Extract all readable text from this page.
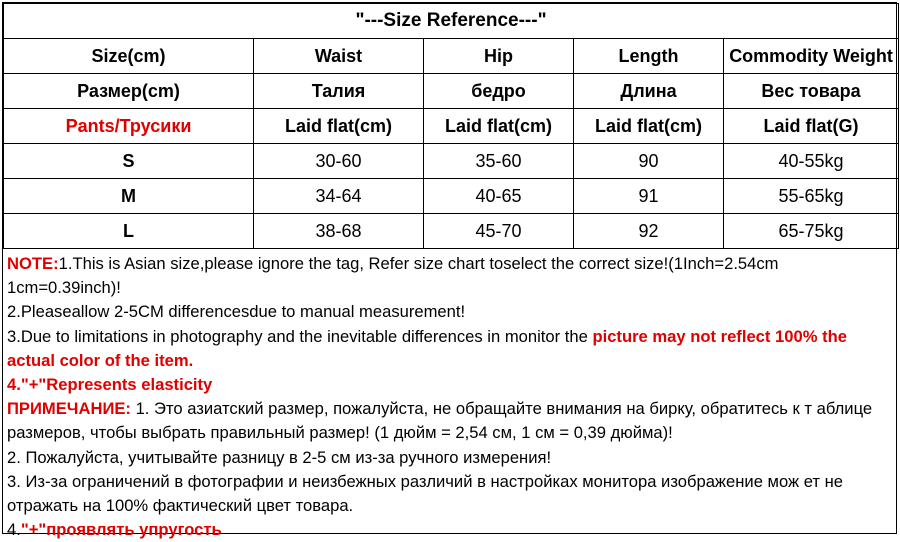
"---Size Reference---"				
Size(cm)	Waist	Hip	Length	Commodity Weight
Размер(cm)	Талия	бедро	Длина	Вес товара
Pants/Трусики	Laid flat(cm)	Laid flat(cm)	Laid flat(cm)	Laid flat(G)
S	30-60	35-60	90	40-55kg
M	34-64	40-65	91	55-65kg
L	38-68	45-70	92	65-75kg

NOTE:1.This is Asian size,please ignore the tag, Refer size chart toselect the correct size!(1Inch=2.54cm 1cm=0.39inch)!

2.Pleaseallow 2-5CM differencesdue to manual measurement!

3.Due to limitations in photography and the inevitable differences in monitor the picture may not reflect 100% the actual color of the item.

4."+"Represents elasticity

ПРИМЕЧАНИЕ: 1. Это азиатский размер, пожалуйста, не обращайте внимания на бирку, обратитесь к т аблице размеров, чтобы выбрать правильный размер! (1 дюйм = 2,54 см, 1 см = 0,39 дюйма)!

2. Пожалуйста, учитывайте разницу в 2-5 см из-за ручного измерения!

3. Из-за ограничений в фотографии и неизбежных различий в настройках монитора изображение мож ет не отражать на 100% фактический цвет товара.

4."+"проявлять упругость
